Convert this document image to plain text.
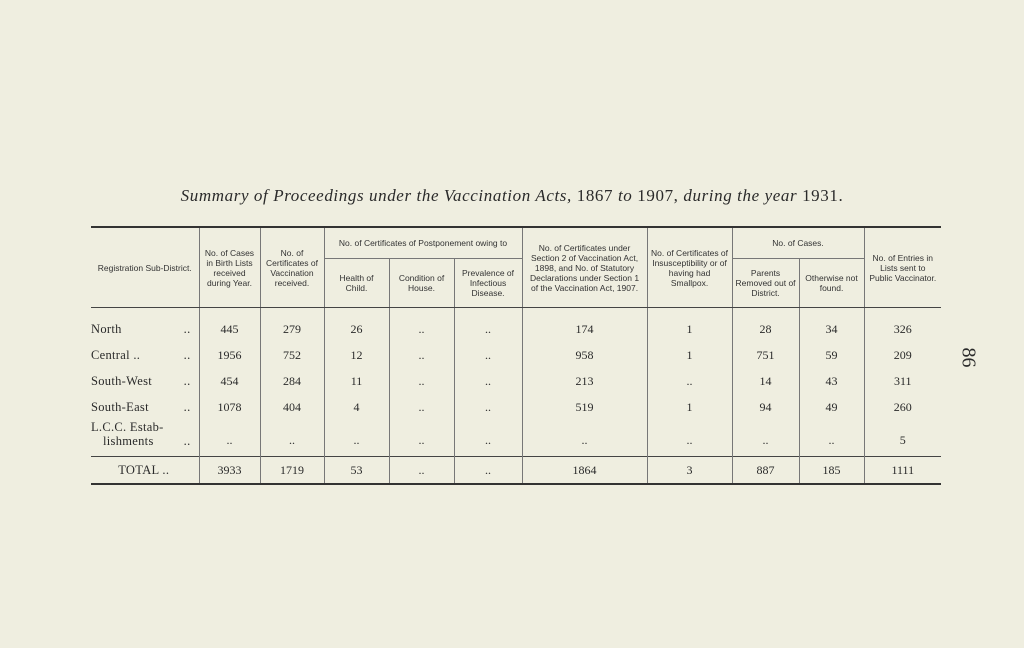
Summary of Proceedings under the Vaccination Acts, 1867 to 1907, during the year 1931.
86
Registration Sub-District.	No. of Cases in Birth Lists received during Year.	No. of Certificates of Vaccination received.	No. of Certificates of Postponement owing to			No. of Certificates under Section 2 of Vaccination Act, 1898, and No. of Statutory Declarations under Section 1 of the Vaccination Act, 1907.	No. of Certificates of Insusceptibility or of having had Smallpox.	No. of Cases.		No. of Entries in Lists sent to Public Vaccinator.
			Health of Child.	Condition of House.	Prevalence of Infectious Disease.			Parents Removed out of District.	Otherwise not found.	

North ..	445	279	26	..	..	174	1	28	34	326

Central .. ..	1956	752	12	..	..	958	1	751	59	209

South-West ..	454	284	11	..	..	213	..	14	43	311

South-East ..	1078	404	4	..	..	519	1	94	49	260

L.C.C. Estab-
lishments ..	..	..	..	..	..	..	..	..	..	5

TOTAL ..	3933	1719	53	..	..	1864	3	887	185	1111
